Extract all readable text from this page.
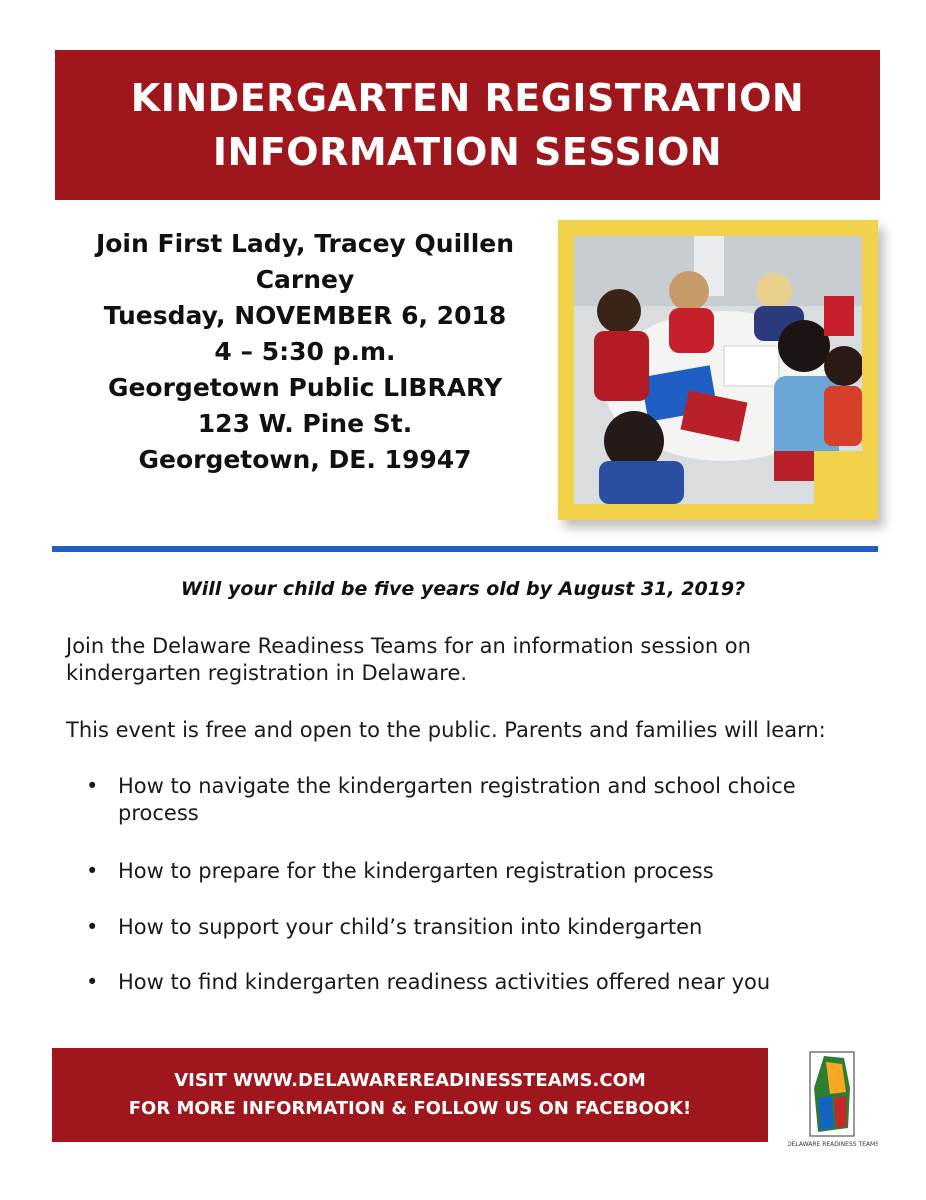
KINDERGARTEN REGISTRATION
INFORMATION SESSION
Join First Lady, Tracey Quillen
Carney
Tuesday, NOVEMBER 6, 2018
4 – 5:30 p.m.
Georgetown Public LIBRARY
123 W. Pine St.
Georgetown, DE. 19947
Will your child be five years old by August 31, 2019?
Join the Delaware Readiness Teams for an information session on kindergarten registration in Delaware.
This event is free and open to the public. Parents and families will learn:
• How to navigate the kindergarten registration and school choice process
• How to prepare for the kindergarten registration process
• How to support your child’s transition into kindergarten
• How to find kindergarten readiness activities offered near you
VISIT WWW.DELAWAREREADINESSTEAMS.COM
FOR MORE INFORMATION & FOLLOW US ON FACEBOOK!
DELAWARE READINESS TEAMS
